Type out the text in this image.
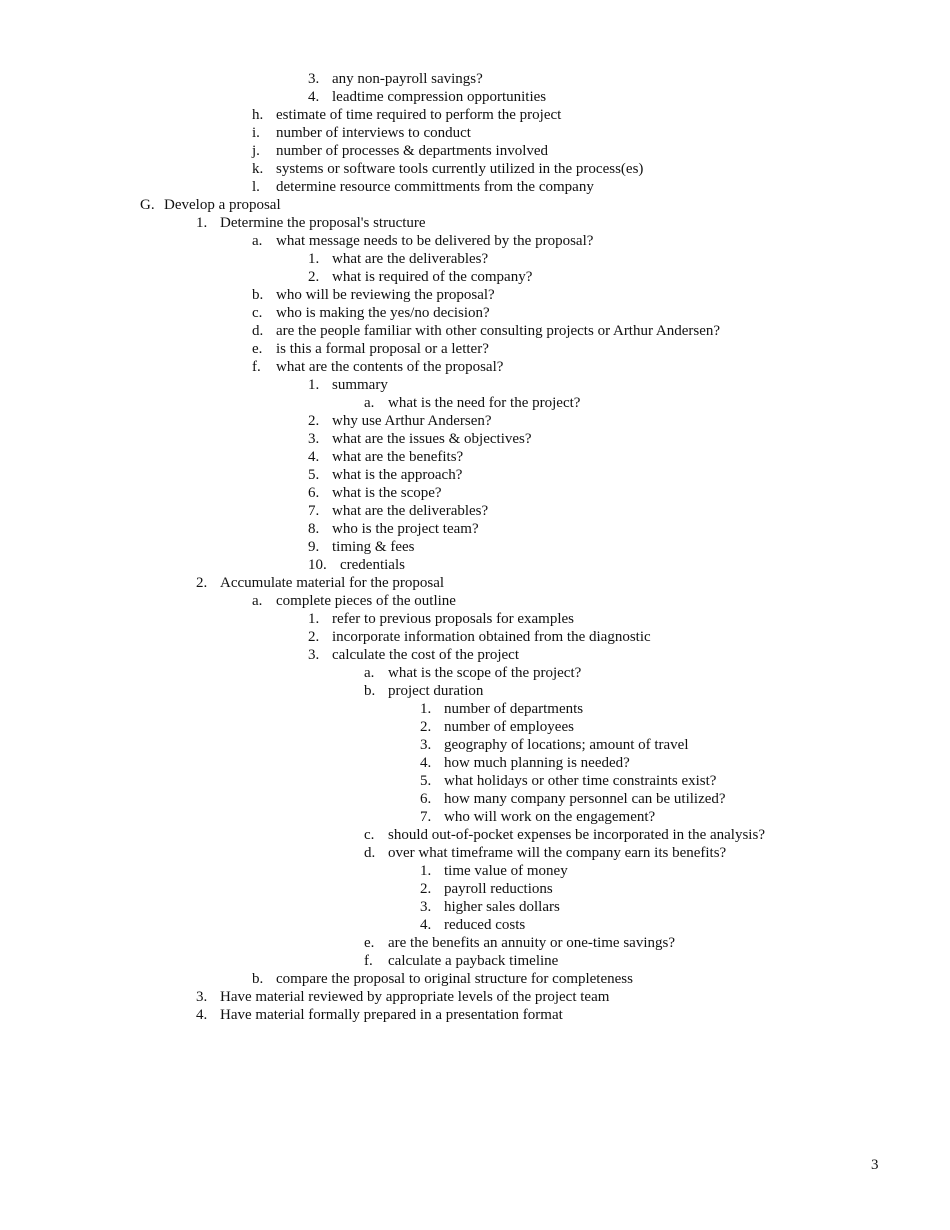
3. any non-payroll savings?
4. leadtime compression opportunities
h. estimate of time required to perform the project
i. number of interviews to conduct
j. number of processes & departments involved
k. systems or software tools currently utilized in the process(es)
l. determine resource committments from the company
G. Develop a proposal
1. Determine the proposal's structure
a. what message needs to be delivered by the proposal?
1. what are the deliverables?
2. what is required of the company?
b. who will be reviewing the proposal?
c. who is making the yes/no decision?
d. are the people familiar with other consulting projects or Arthur Andersen?
e. is this a formal proposal or a letter?
f. what are the contents of the proposal?
1. summary
a. what is the need for the project?
2. why use Arthur Andersen?
3. what are the issues & objectives?
4. what are the benefits?
5. what is the approach?
6. what is the scope?
7. what are the deliverables?
8. who is the project team?
9. timing & fees
10. credentials
2. Accumulate material for the proposal
a. complete pieces of the outline
1. refer to previous proposals for examples
2. incorporate information obtained from the diagnostic
3. calculate the cost of the project
a. what is the scope of the project?
b. project duration
1. number of departments
2. number of employees
3. geography of locations; amount of travel
4. how much planning is needed?
5. what holidays or other time constraints exist?
6. how many company personnel can be utilized?
7. who will work on the engagement?
c. should out-of-pocket expenses be incorporated in the analysis?
d. over what timeframe will the company earn its benefits?
1. time value of money
2. payroll reductions
3. higher sales dollars
4. reduced costs
e. are the benefits an annuity or one-time savings?
f. calculate a payback timeline
b. compare the proposal to original structure for completeness
3. Have material reviewed by appropriate levels of the project team
4. Have material formally prepared in a presentation format
3
